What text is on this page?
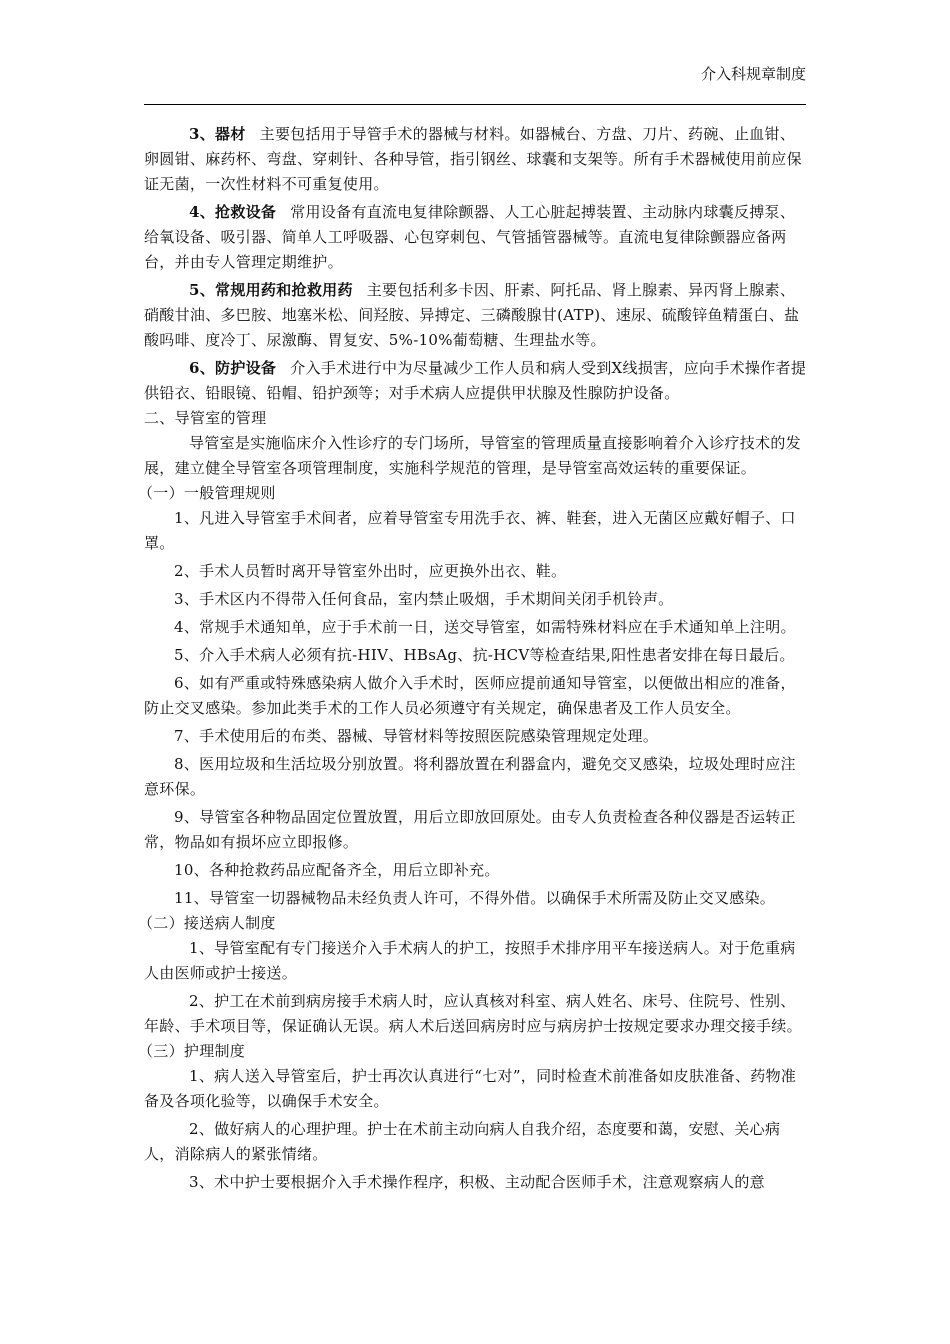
介入科规章制度

3、器材 主要包括用于导管手术的器械与材料。如器械台、方盘、刀片、药碗、止血钳、卵圆钳、麻药杯、弯盘、穿刺针、各种导管，指引钢丝、球囊和支架等。所有手术器械使用前应保证无菌，一次性材料不可重复使用。

4、抢救设备 常用设备有直流电复律除颤器、人工心脏起搏装置、主动脉内球囊反搏泵、给氧设备、吸引器、简单人工呼吸器、心包穿刺包、气管插管器械等。直流电复律除颤器应备两台，并由专人管理定期维护。

5、常规用药和抢救用药 主要包括利多卡因、肝素、阿托品、肾上腺素、异丙肾上腺素、硝酸甘油、多巴胺、地塞米松、间羟胺、异搏定、三磷酸腺甘(ATP)、速尿、硫酸锌鱼精蛋白、盐酸吗啡、度冷丁、尿激酶、胃复安、5%-10%葡萄糖、生理盐水等。

6、防护设备 介入手术进行中为尽量减少工作人员和病人受到X线损害，应向手术操作者提供铅衣、铅眼镜、铅帽、铅护颈等；对手术病人应提供甲状腺及性腺防护设备。

二、导管室的管理

导管室是实施临床介入性诊疗的专门场所，导管室的管理质量直接影响着介入诊疗技术的发展，建立健全导管室各项管理制度，实施科学规范的管理，是导管室高效运转的重要保证。

（一）一般管理规则

1、凡进入导管室手术间者，应着导管室专用洗手衣、裤、鞋套，进入无菌区应戴好帽子、口罩。

2、手术人员暂时离开导管室外出时，应更换外出衣、鞋。

3、手术区内不得带入任何食品，室内禁止吸烟，手术期间关闭手机铃声。

4、常规手术通知单，应于手术前一日，送交导管室，如需特殊材料应在手术通知单上注明。

5、介入手术病人必须有抗-HIV、HBsAg、抗-HCV等检查结果,阳性患者安排在每日最后。

6、如有严重或特殊感染病人做介入手术时，医师应提前通知导管室，以便做出相应的准备，防止交叉感染。参加此类手术的工作人员必须遵守有关规定，确保患者及工作人员安全。

7、手术使用后的布类、器械、导管材料等按照医院感染管理规定处理。

8、医用垃圾和生活垃圾分别放置。将利器放置在利器盒内，避免交叉感染，垃圾处理时应注意环保。

9、导管室各种物品固定位置放置，用后立即放回原处。由专人负责检查各种仪器是否运转正常，物品如有损坏应立即报修。

10、各种抢救药品应配备齐全，用后立即补充。

11、导管室一切器械物品未经负责人许可，不得外借。以确保手术所需及防止交叉感染。

（二）接送病人制度

1、导管室配有专门接送介入手术病人的护工，按照手术排序用平车接送病人。对于危重病人由医师或护士接送。

2、护工在术前到病房接手术病人时，应认真核对科室、病人姓名、床号、住院号、性别、年龄、手术项目等，保证确认无误。病人术后送回病房时应与病房护士按规定要求办理交接手续。

（三）护理制度

1、病人送入导管室后，护士再次认真进行“七对”，同时检查术前准备如皮肤准备、药物准备及各项化验等，以确保手术安全。

2、做好病人的心理护理。护士在术前主动向病人自我介绍，态度要和蔼，安慰、关心病人，消除病人的紧张情绪。

3、术中护士要根据介入手术操作程序，积极、主动配合医师手术，注意观察病人的意
